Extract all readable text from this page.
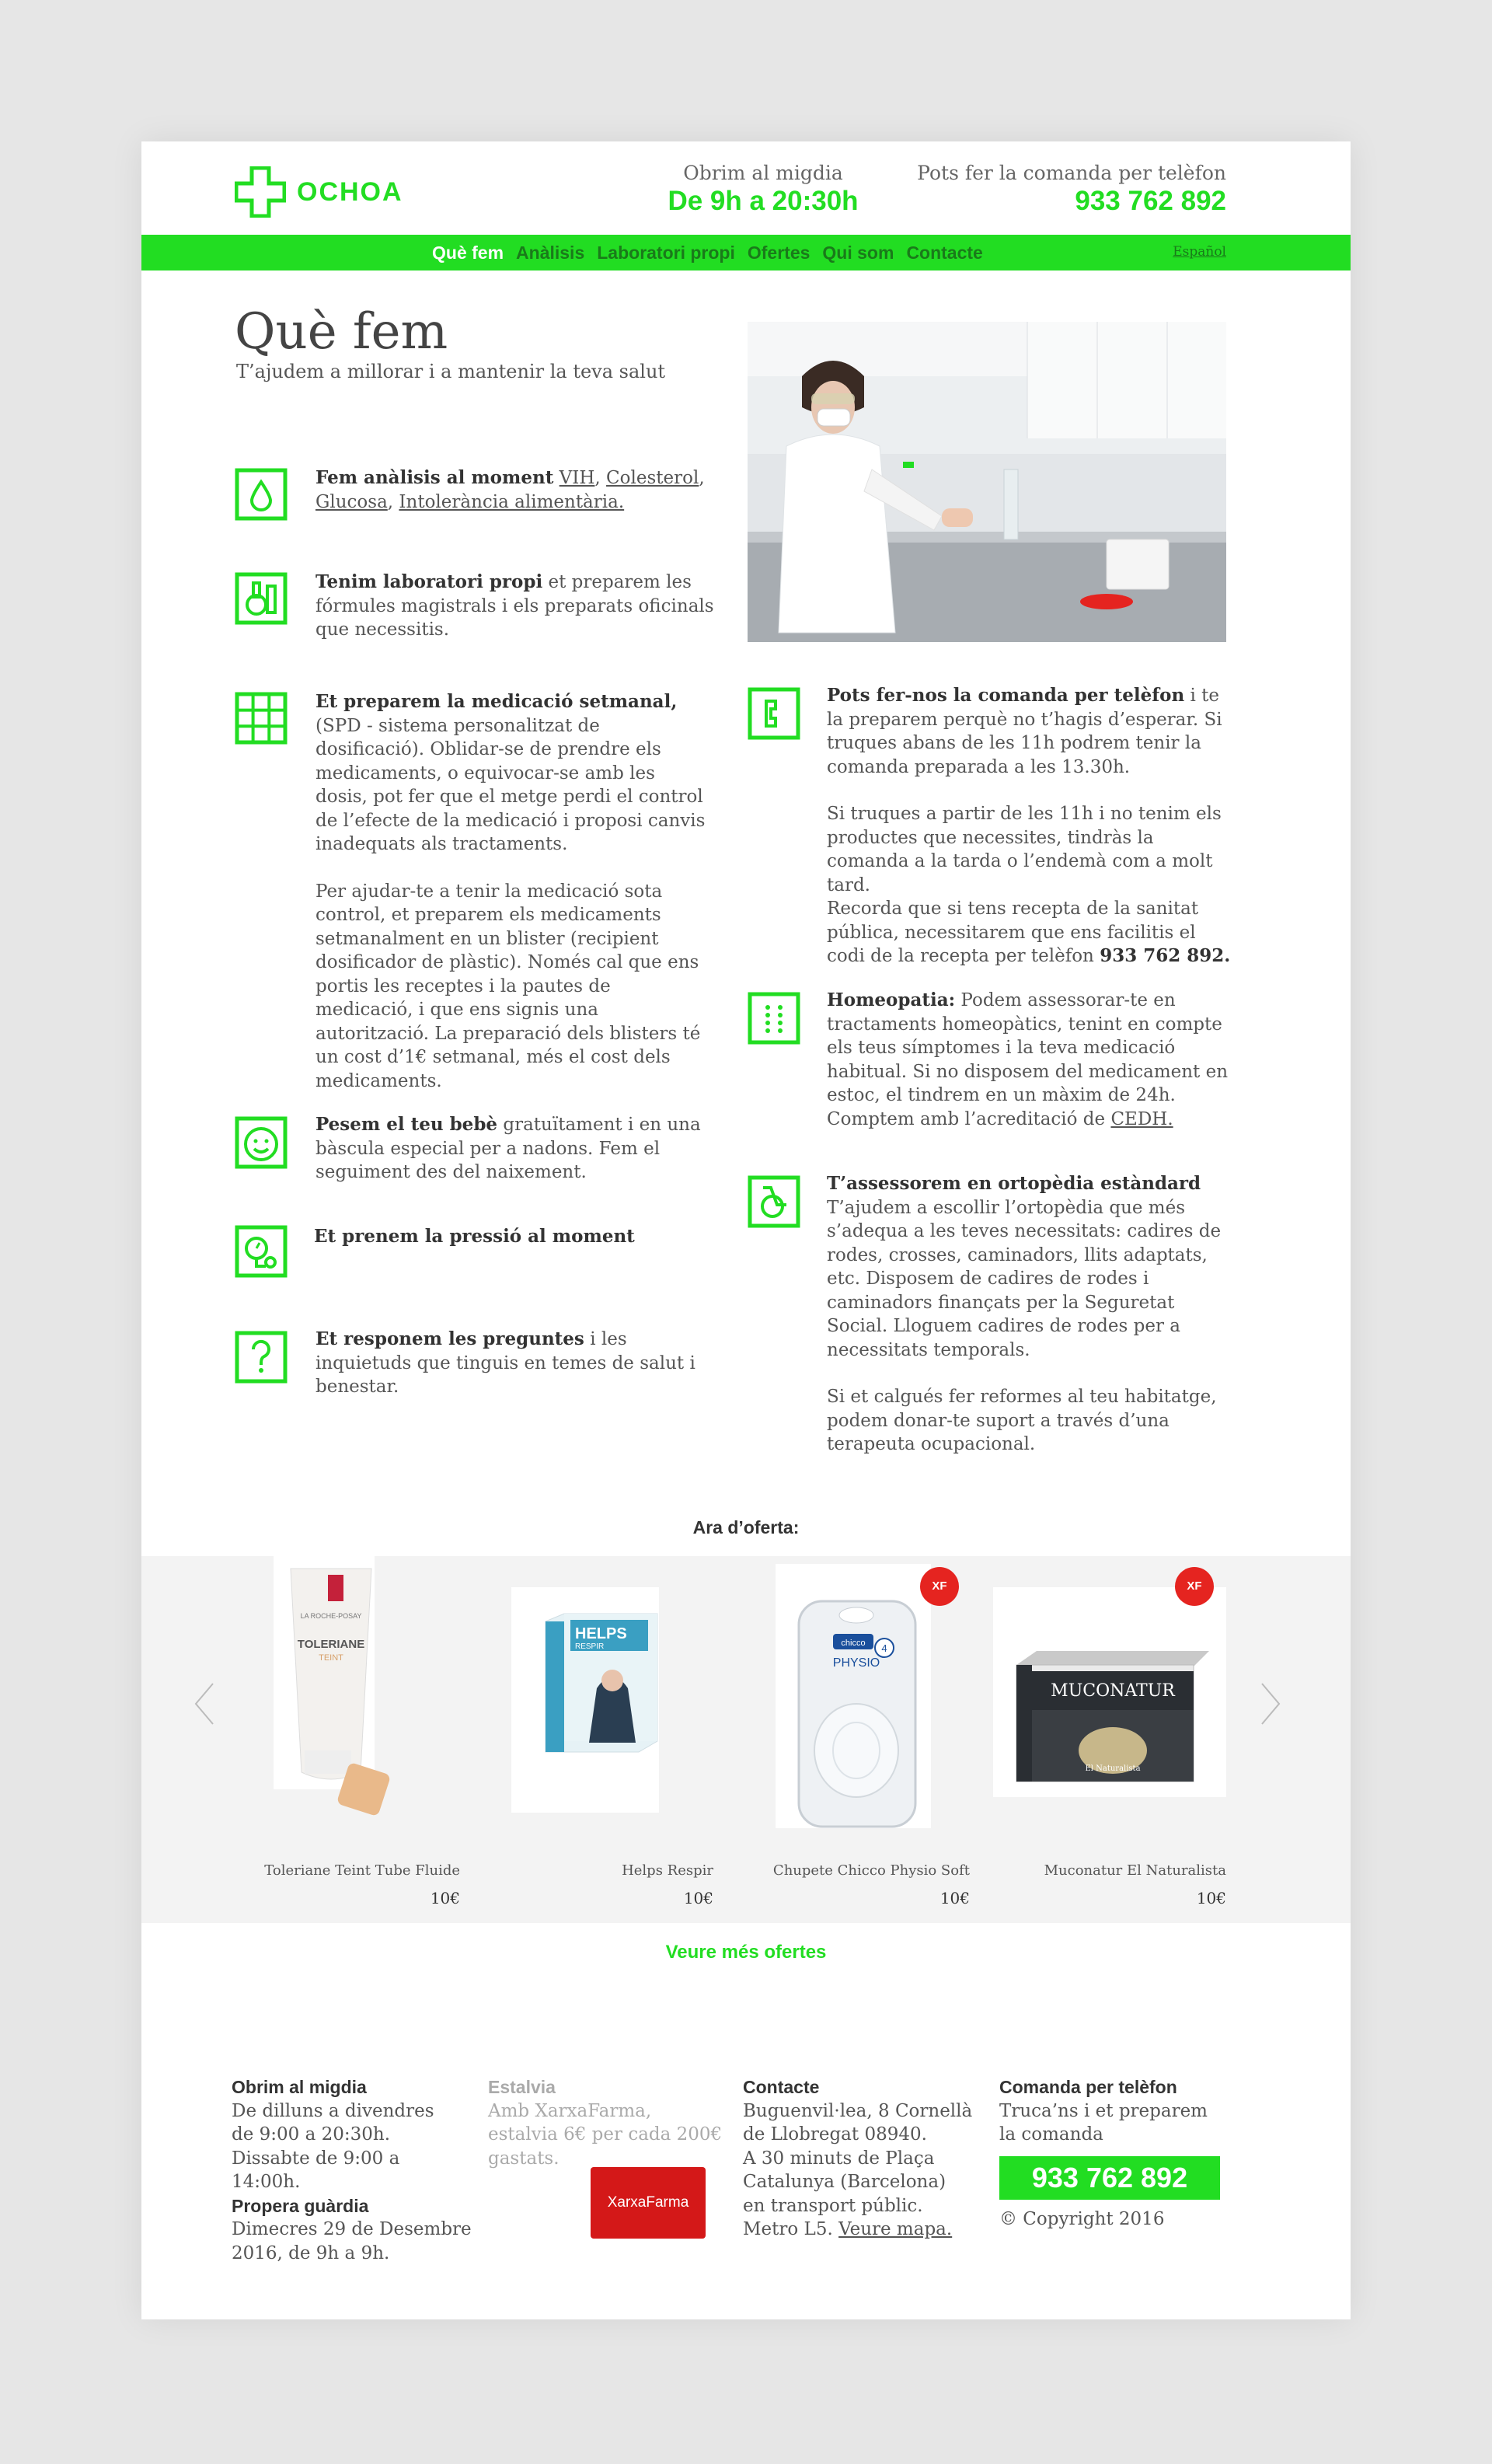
OCHOA
Obrim al migdia
De 9h a 20:30h
Pots fer la comanda per telèfon
933 762 892
Què fem Anàlisis Laboratori propi Ofertes Qui som Contacte	Español
Què fem
T’ajudem a millorar i a mantenir la teva salut
Fem anàlisis al moment VIH, Colesterol, Glucosa, Intolerància alimentària.
Tenim laboratori propi et preparem les fórmules magistrals i els preparats oficinals que necessitis.
Et preparem la medicació setmanal, (SPD - sistema personalitzat de dosificació). Oblidar-se de prendre els medicaments, o equivocar-se amb les dosis, pot fer que el metge perdi el control de l’efecte de la medicació i proposi canvis inadequats als tractaments.
Per ajudar-te a tenir la medicació sota control, et preparem els medicaments setmanalment en un blister (recipient dosificador de plàstic). Només cal que ens portis les receptes i la pautes de medicació, i que ens signis una autorització. La preparació dels blisters té un cost d’1€ setmanal, més el cost dels medicaments.
Pesem el teu bebè gratuïtament i en una bàscula especial per a nadons. Fem el seguiment des del naixement.
Et prenem la pressió al moment
Et responem les preguntes i les inquietuds que tinguis en temes de salut i benestar.
Pots fer-nos la comanda per telèfon i te la preparem perquè no t’hagis d’esperar. Si truques abans de les 11h podrem tenir la comanda preparada a les 13.30h.
Si truques a partir de les 11h i no tenim els productes que necessites, tindràs la comanda a la tarda o l’endemà com a molt tard.
Recorda que si tens recepta de la sanitat pública, necessitarem que ens facilitis el codi de la recepta per telèfon 933 762 892.
Homeopatia: Podem assessorar-te en tractaments homeopàtics, tenint en compte els teus símptomes i la teva medicació habitual. Si no disposem del medicament en estoc, el tindrem en un màxim de 24h. Comptem amb l’acreditació de CEDH.
T’assessorem en ortopèdia estàndard
T’ajudem a escollir l’ortopèdia que més s’adequa a les teves necessitats: cadires de rodes, crosses, caminadors, llits adaptats, etc. Disposem de cadires de rodes i caminadors finançats per la Seguretat Social. Lloguem cadires de rodes per a necessitats temporals.
Si et calgués fer reformes al teu habitatge, podem donar-te suport a través d’una terapeuta ocupacional.
Ara d’oferta:
LA ROCHE-POSAY
TOLERIANE
TEINT
Toleriane Teint Tube Fluide
10€
HELPS
RESPIR
Helps Respir
10€
chicco
PHYSIO
4
Chupete Chicco Physio Soft
10€
XF
MUCONATUR
El Naturalista
Muconatur El Naturalista
10€
XF
Veure més ofertes
Obrim al migdia
De dilluns a divendres
de 9:00 a 20:30h.
Dissabte de 9:00 a 14:00h.
Propera guàrdia
Dimecres 29 de Desembre
2016, de 9h a 9h.
Estalvia
Amb XarxaFarma,
estalvia 6€ per cada 200€
gastats.
XarxaFarma
Contacte
Buguenvil·lea, 8 Cornellà
de Llobregat 08940.
A 30 minuts de Plaça
Catalunya (Barcelona)
en transport públic.
Metro L5. Veure mapa.
Comanda per telèfon
Truca’ns i et preparem
la comanda
933 762 892
© Copyright 2016
